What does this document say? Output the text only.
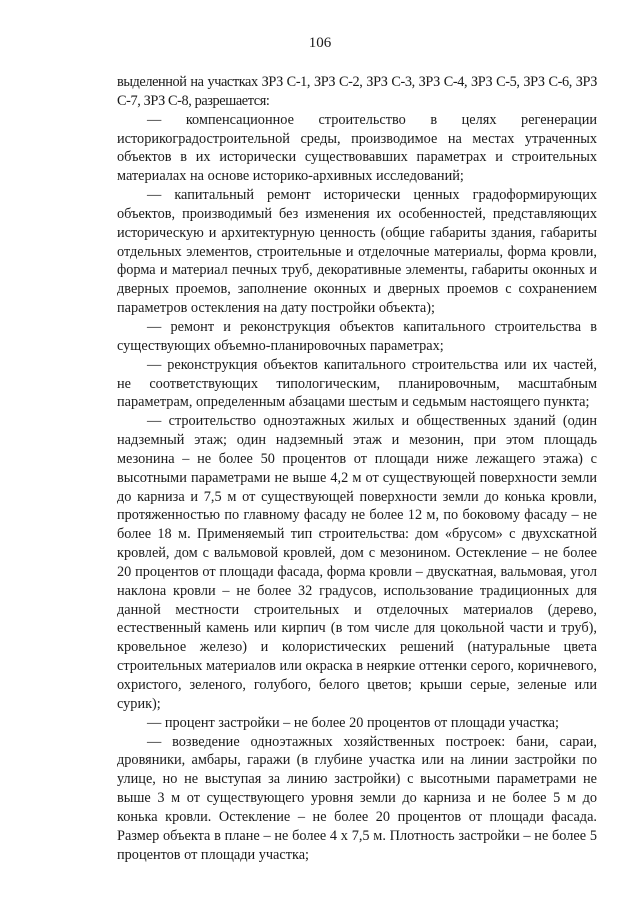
106

выделенной на участках ЗРЗ С-1, ЗРЗ С-2, ЗРЗ С-3, ЗРЗ С-4, ЗРЗ С-5, ЗРЗ С-6, ЗРЗ С-7, ЗРЗ С-8, разрешается:

— компенсационное строительство в целях регенерации историкоградостроительной среды, производимое на местах утраченных объектов в их исторически существовавших параметрах и строительных материалах на основе историко-архивных исследований;

— капитальный ремонт исторически ценных градоформирующих объектов, производимый без изменения их особенностей, представляющих историческую и архитектурную ценность (общие габариты здания, габариты отдельных элементов, строительные и отделочные материалы, форма кровли, форма и материал печных труб, декоративные элементы, габариты оконных и дверных проемов, заполнение оконных и дверных проемов с сохранением параметров остекления на дату постройки объекта);

— ремонт и реконструкция объектов капитального строительства в существующих объемно-планировочных параметрах;

— реконструкция объектов капитального строительства или их частей, не соответствующих типологическим, планировочным, масштабным параметрам, определенным абзацами шестым и седьмым настоящего пункта;

— строительство одноэтажных жилых и общественных зданий (один надземный этаж; один надземный этаж и мезонин, при этом площадь мезонина – не более 50 процентов от площади ниже лежащего этажа) с высотными параметрами не выше 4,2 м от существующей поверхности земли до карниза и 7,5 м от существующей поверхности земли до конька кровли, протяженностью по главному фасаду не более 12 м, по боковому фасаду – не более 18 м. Применяемый тип строительства: дом «брусом» с двухскатной кровлей, дом с вальмовой кровлей, дом с мезонином. Остекление – не более 20 процентов от площади фасада, форма кровли – двускатная, вальмовая, угол наклона кровли – не более 32 градусов, использование традиционных для данной местности строительных и отделочных материалов (дерево, естественный камень или кирпич (в том числе для цокольной части и труб), кровельное железо) и колористических решений (натуральные цвета строительных материалов или окраска в неяркие оттенки серого, коричневого, охристого, зеленого, голубого, белого цветов; крыши серые, зеленые или сурик);

— процент застройки – не более 20 процентов от площади участка;

— возведение одноэтажных хозяйственных построек: бани, сараи, дровяники, амбары, гаражи (в глубине участка или на линии застройки по улице, но не выступая за линию застройки) с высотными параметрами не выше 3 м от существующего уровня земли до карниза и не более 5 м до конька кровли. Остекление – не более 20 процентов от площади фасада. Размер объекта в плане – не более 4 х 7,5 м. Плотность застройки – не более 5 процентов от площади участка;
